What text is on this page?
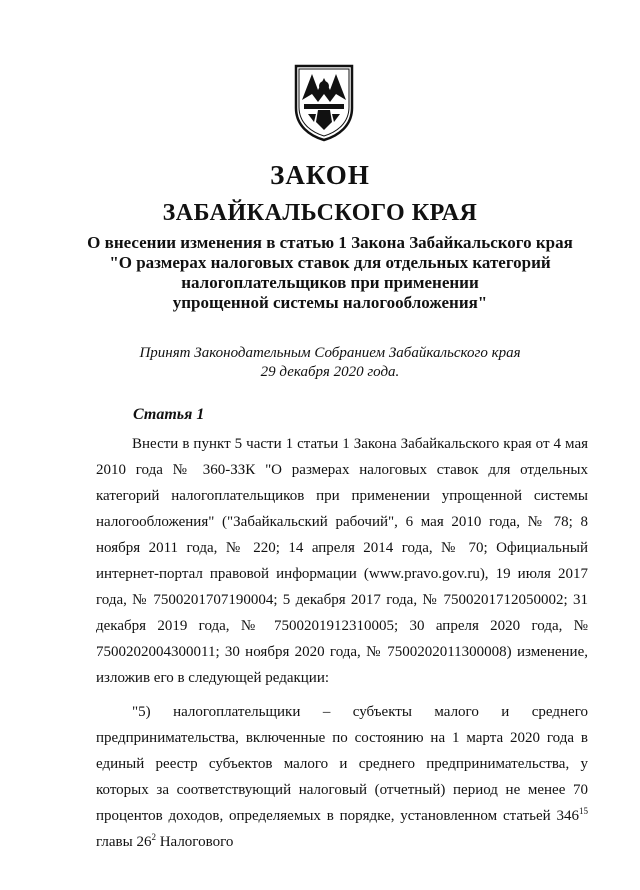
ЗАКОН
ЗАБАЙКАЛЬСКОГО КРАЯ
О внесении изменения в статью 1 Закона Забайкальского края
"О размерах налоговых ставок для отдельных категорий
налогоплательщиков при применении
упрощенной системы налогообложения"
Принят Законодательным Собранием Забайкальского края
29 декабря 2020 года.
Статья 1

Внести в пункт 5 части 1 статьи 1 Закона Забайкальского края от 4 мая 2010 года № 360-ЗЗК "О размерах налоговых ставок для отдельных категорий налогоплательщиков при применении упрощенной системы налогообложения" ("Забайкальский рабочий", 6 мая 2010 года, № 78; 8 ноября 2011 года, № 220; 14 апреля 2014 года, № 70; Официальный интернет-портал правовой информации (www.pravo.gov.ru), 19 июля 2017 года, № 7500201707190004; 5 декабря 2017 года, № 7500201712050002; 31 декабря 2019 года, № 7500201912310005; 30 апреля 2020 года, № 7500202004300011; 30 ноября 2020 года, № 7500202011300008) изменение, изложив его в следующей редакции:

"5) налогоплательщики – субъекты малого и среднего предпринимательства, включенные по состоянию на 1 марта 2020 года в единый реестр субъектов малого и среднего предпринимательства, у которых за соответствующий налоговый (отчетный) период не менее 70 процентов доходов, определяемых в порядке, установленном статьей $346^{15}$ главы $26^2$ Налогового
